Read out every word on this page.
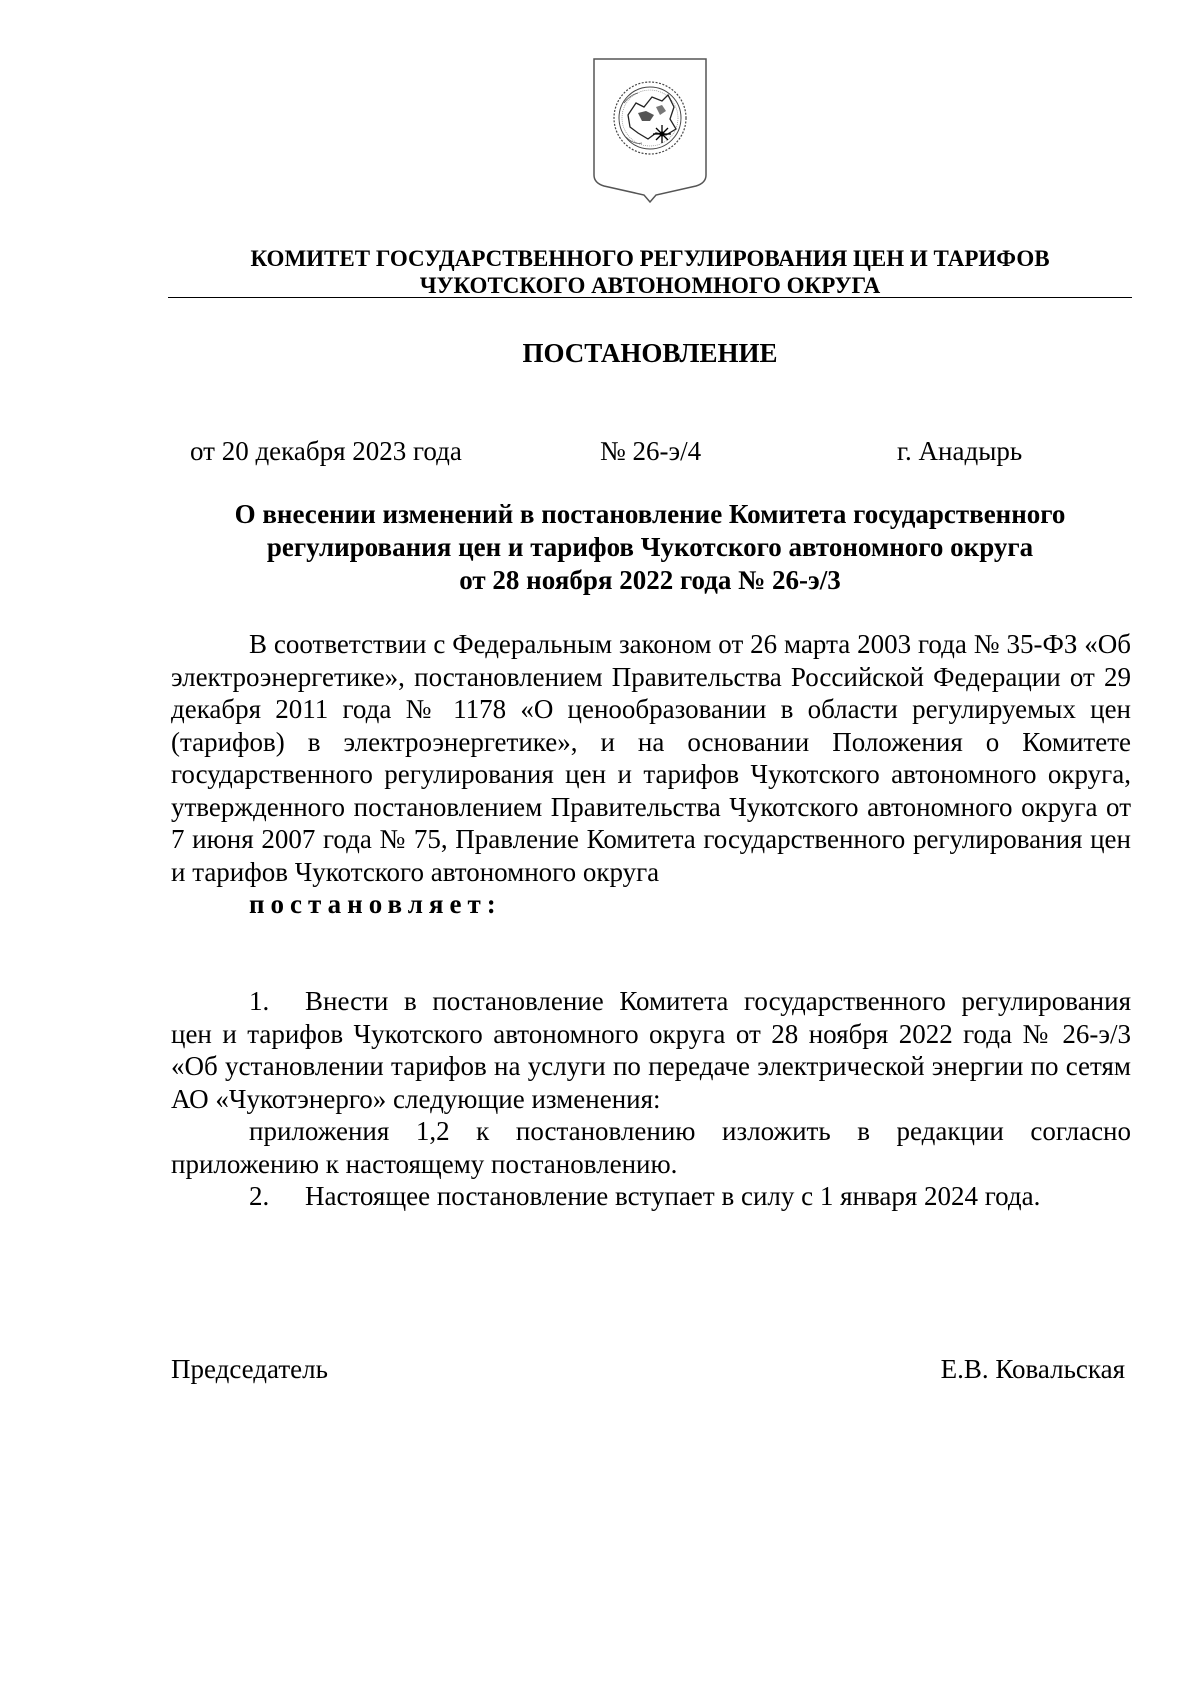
КОМИТЕТ ГОСУДАРСТВЕННОГО РЕГУЛИРОВАНИЯ ЦЕН И ТАРИФОВ
ЧУКОТСКОГО АВТОНОМНОГО ОКРУГА
ПОСТАНОВЛЕНИЕ
от 20 декабря 2023 года	№ 26-э/4	г. Анадырь
О внесении изменений в постановление Комитета государственного
регулирования цен и тарифов Чукотского автономного округа
от 28 ноября 2022 года № 26-э/3

В соответствии с Федеральным законом от 26 марта 2003 года № 35-ФЗ «Об электроэнергетике», постановлением Правительства Российской Федерации от 29 декабря 2011 года № 1178 «О ценообразовании в области регулируемых цен (тарифов) в электроэнергетике», и на основании Положения о Комитете государственного регулирования цен и тарифов Чукотского автономного округа, утвержденного постановлением Правительства Чукотского автономного округа от 7 июня 2007 года № 75, Правление Комитета государственного регулирования цен и тарифов Чукотского автономного округа

постановляет:

1. Внести в постановление Комитета государственного регулирования цен и тарифов Чукотского автономного округа от 28 ноября 2022 года № 26-э/3 «Об установлении тарифов на услуги по передаче электрической энергии по сетям АО «Чукотэнерго» следующие изменения:

приложения 1,2 к постановлению изложить в редакции согласно приложению к настоящему постановлению.

2. Настоящее постановление вступает в силу с 1 января 2024 года.

Председатель	Е.В. Ковальская
